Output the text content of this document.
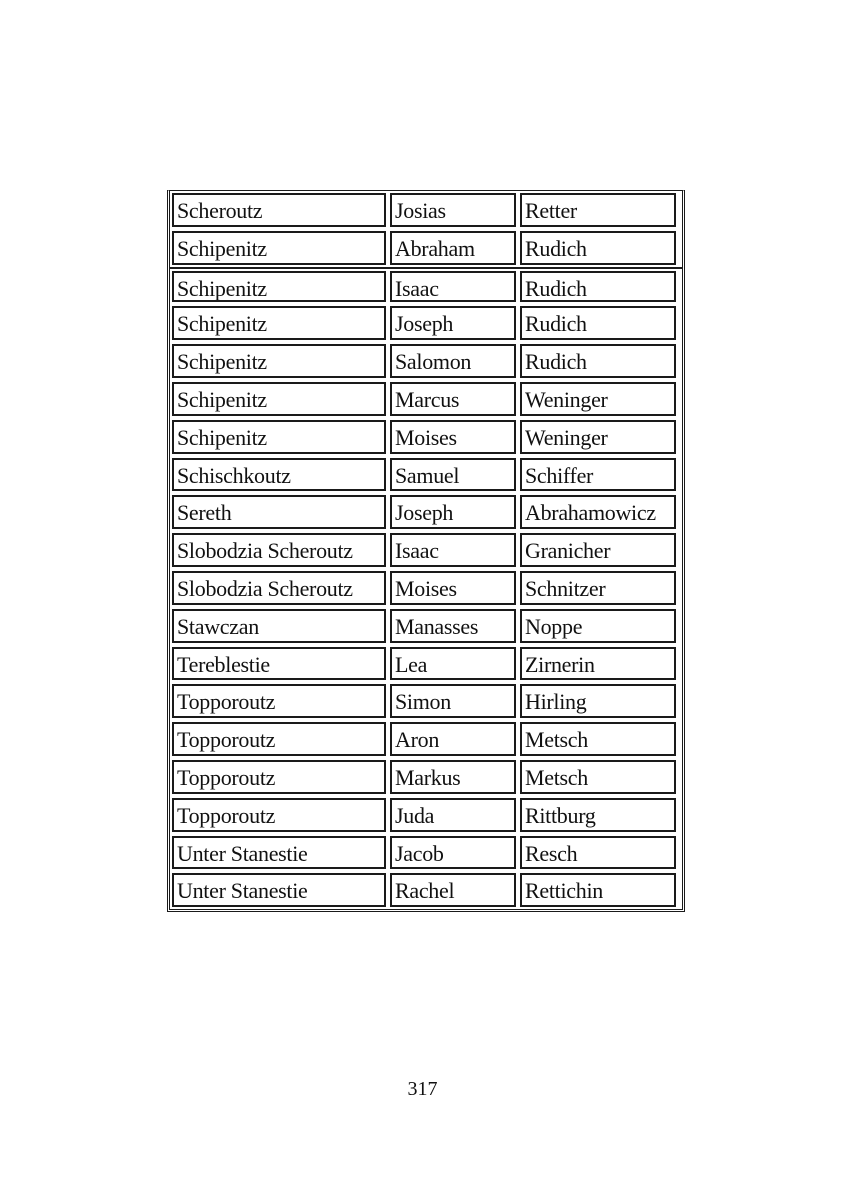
Scheroutz	Josias	Retter
Schipenitz	Abraham	Rudich
Schipenitz	Isaac	Rudich
Schipenitz	Joseph	Rudich
Schipenitz	Salomon	Rudich
Schipenitz	Marcus	Weninger
Schipenitz	Moises	Weninger
Schischkoutz	Samuel	Schiffer
Sereth	Joseph	Abrahamowicz
Slobodzia Scheroutz	Isaac	Granicher
Slobodzia Scheroutz	Moises	Schnitzer
Stawczan	Manasses	Noppe
Tereblestie	Lea	Zirnerin
Topporoutz	Simon	Hirling
Topporoutz	Aron	Metsch
Topporoutz	Markus	Metsch
Topporoutz	Juda	Rittburg
Unter Stanestie	Jacob	Resch
Unter Stanestie	Rachel	Rettichin
317
